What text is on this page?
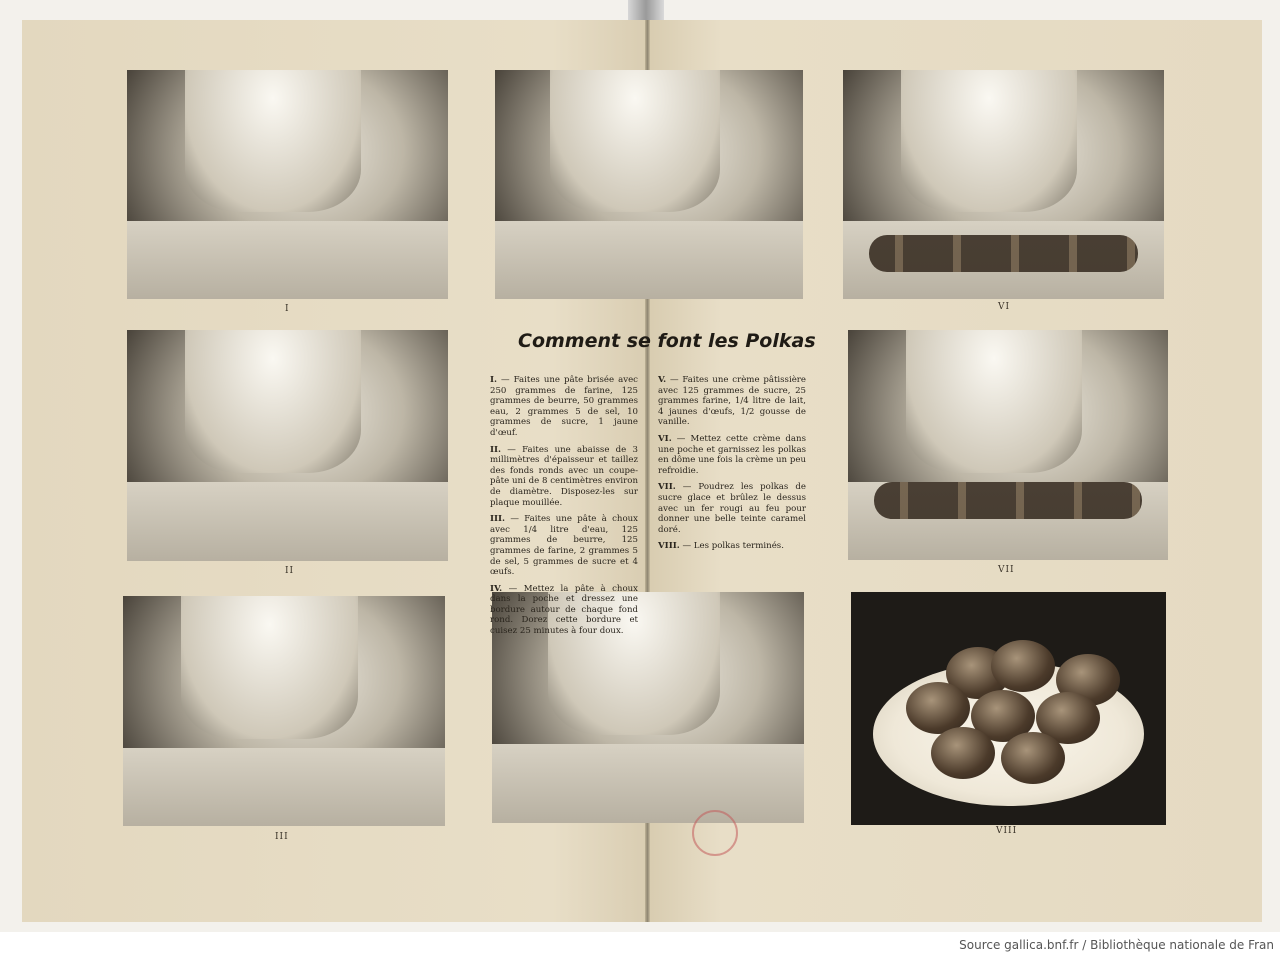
I	VI
II	VII
III
VIII
Comment se font les Polkas

I. — Faites une pâte brisée avec 250 grammes de farine, 125 grammes de beurre, 50 grammes eau, 2 grammes 5 de sel, 10 grammes de sucre, 1 jaune d'œuf.

II. — Faites une abaisse de 3 millimètres d'épaisseur et taillez des fonds ronds avec un coupe-pâte uni de 8 centimètres environ de diamètre. Disposez-les sur plaque mouillée.

III. — Faites une pâte à choux avec 1/4 litre d'eau, 125 grammes de beurre, 125 grammes de farine, 2 grammes 5 de sel, 5 grammes de sucre et 4 œufs.

IV. — Mettez la pâte à choux dans la poche et dressez une bordure autour de chaque fond rond. Dorez cette bordure et cuisez 25 minutes à four doux.

V. — Faites une crème pâtissière avec 125 grammes de sucre, 25 grammes farine, 1/4 litre de lait, 4 jaunes d'œufs, 1/2 gousse de vanille.

VI. — Mettez cette crème dans une poche et garnissez les polkas en dôme une fois la crème un peu refroidie.

VII. — Poudrez les polkas de sucre glace et brûlez le dessus avec un fer rougi au feu pour donner une belle teinte caramel doré.

VIII. — Les polkas terminés.

Source gallica.bnf.fr / Bibliothèque nationale de Fran
